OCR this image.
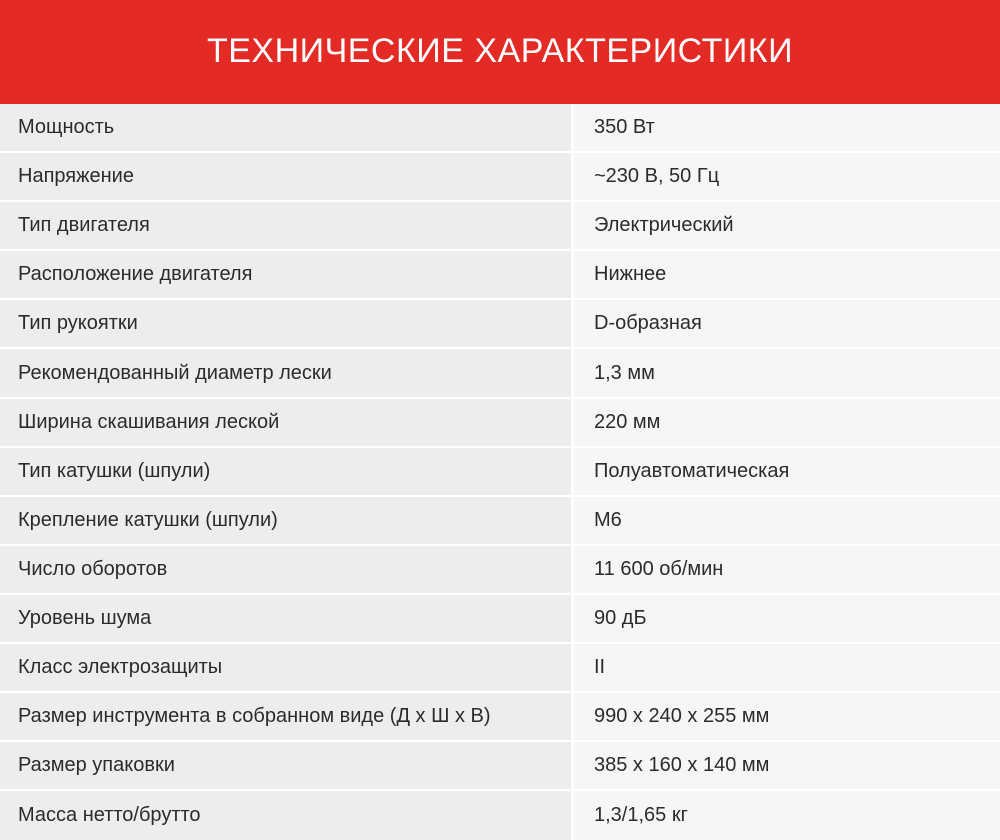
ТЕХНИЧЕСКИЕ ХАРАКТЕРИСТИКИ
Мощность	350 Вт
Напряжение	~230 В, 50 Гц
Тип двигателя	Электрический
Расположение двигателя	Нижнее
Тип рукоятки	D-образная
Рекомендованный диаметр лески	1,3 мм
Ширина скашивания леской	220 мм
Тип катушки (шпули)	Полуавтоматическая
Крепление катушки (шпули)	М6
Число оборотов	11 600 об/мин
Уровень шума	90 дБ
Класс электрозащиты	II
Размер инструмента в собранном виде (Д x Ш x В)	990 x 240 x 255 мм
Размер упаковки	385 x 160 x 140 мм
Масса нетто/брутто	1,3/1,65 кг
